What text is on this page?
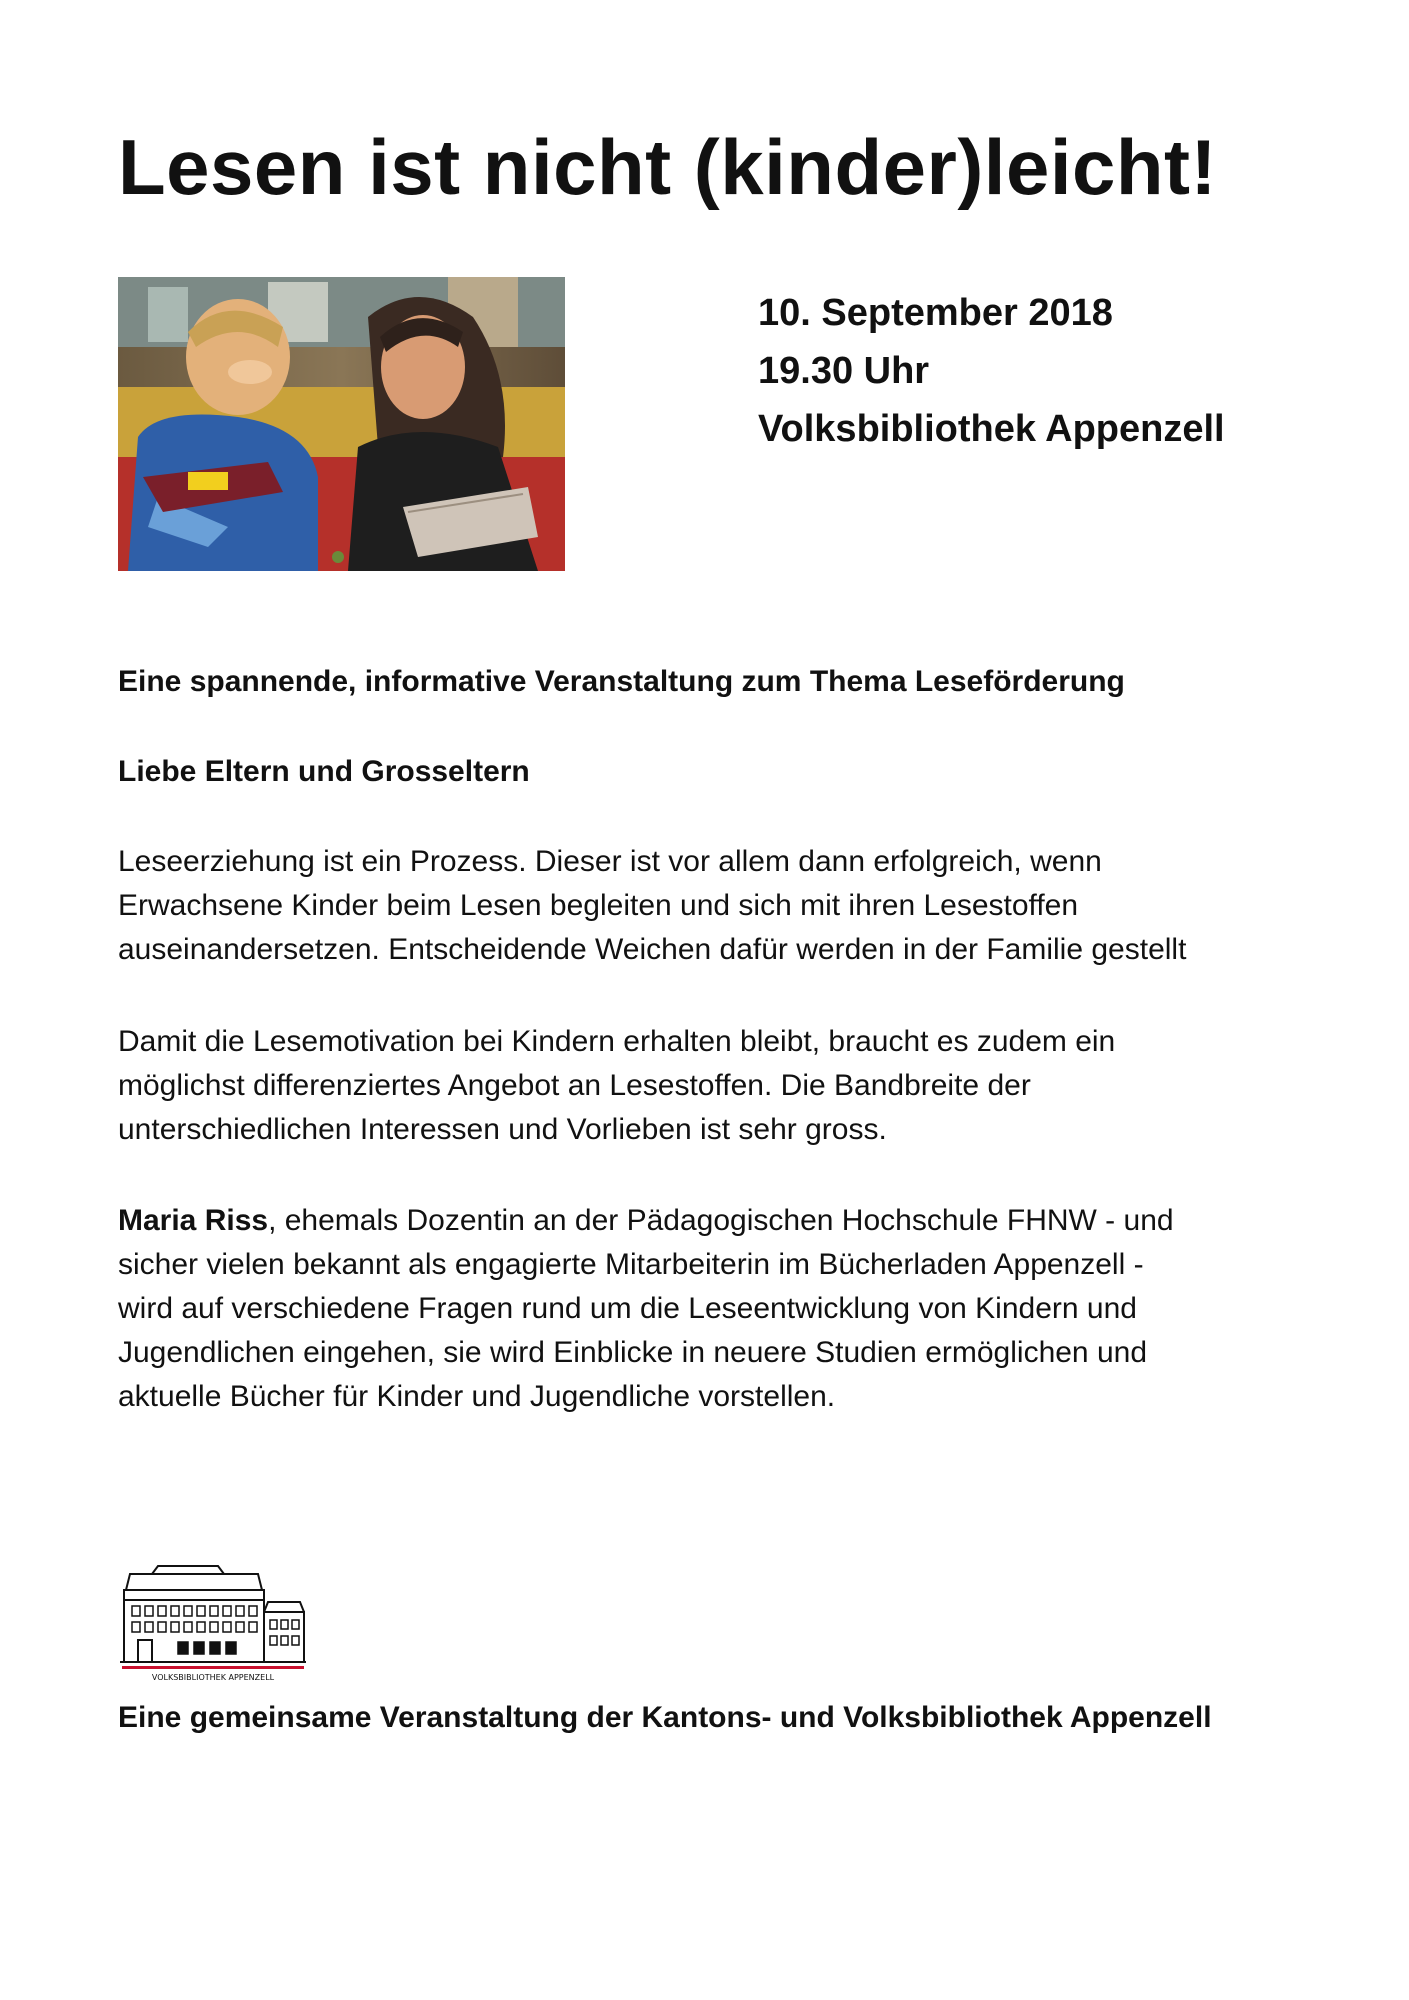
Lesen ist nicht (kinder)leicht!
10. September 2018
19.30 Uhr
Volksbibliothek Appenzell

Eine spannende, informative Veranstaltung zum Thema Leseförderung

Liebe Eltern und Grosseltern

Leseerziehung ist ein Prozess. Dieser ist vor allem dann erfolgreich, wenn

Erwachsene Kinder beim Lesen begleiten und sich mit ihren Lesestoffen

auseinandersetzen. Entscheidende Weichen dafür werden in der Familie gestellt

Damit die Lesemotivation bei Kindern erhalten bleibt, braucht es zudem ein

möglichst differenziertes Angebot an Lesestoffen. Die Bandbreite der

unterschiedlichen Interessen und Vorlieben ist sehr gross.

Maria Riss, ehemals Dozentin an der Pädagogischen Hochschule FHNW - und

sicher vielen bekannt als engagierte Mitarbeiterin im Bücherladen Appenzell -

wird auf verschiedene Fragen rund um die Leseentwicklung von Kindern und

Jugendlichen eingehen, sie wird Einblicke in neuere Studien ermöglichen und

aktuelle Bücher für Kinder und Jugendliche vorstellen.

VOLKSBIBLIOTHEK APPENZELL
Eine gemeinsame Veranstaltung der Kantons- und Volksbibliothek Appenzell
